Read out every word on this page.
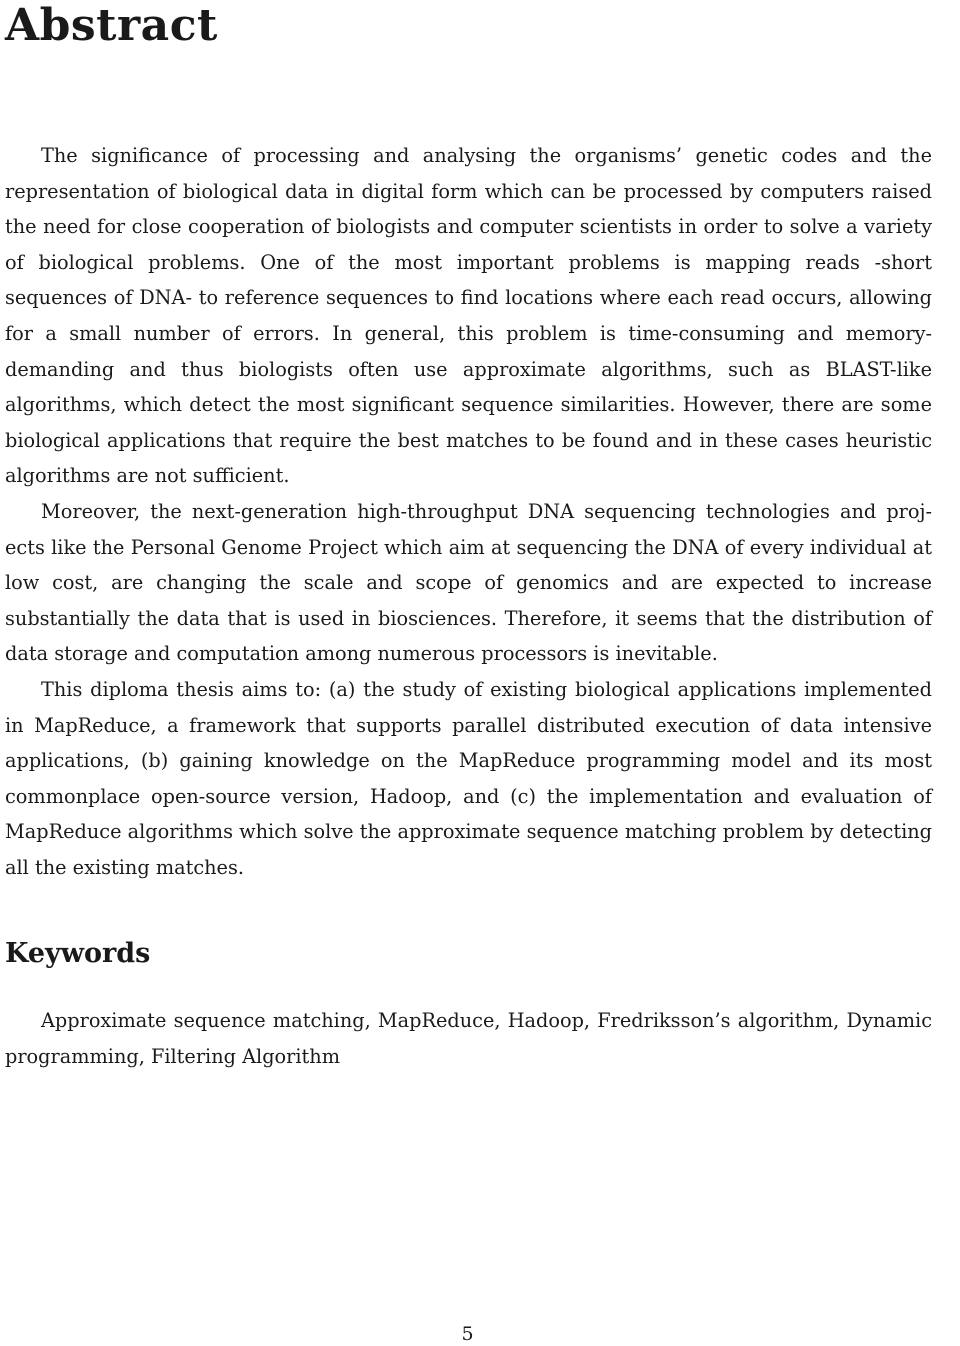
Abstract

The significance of processing and analysing the organisms’ genetic codes and the representation of biological data in digital form which can be processed by computers raised the need for close cooperation of biologists and computer scientists in order to solve a variety of biological problems. One of the most important problems is mapping reads -short sequences of DNA- to reference sequences to find locations where each read occurs, allowing for a small number of errors. In general, this problem is time-consuming and memory-demanding and thus biologists often use approximate algorithms, such as BLAST-like algorithms, which detect the most significant sequence similarities. However, there are some biological applications that require the best matches to be found and in these cases heuristic algorithms are not sufficient.

Moreover, the next-generation high-throughput DNA sequencing technologies and projects like the Personal Genome Project which aim at sequencing the DNA of every individual at low cost, are changing the scale and scope of genomics and are expected to increase substantially the data that is used in biosciences. Therefore, it seems that the distribution of data storage and computation among numerous processors is inevitable.

This diploma thesis aims to: (a) the study of existing biological applications implemented in MapReduce, a framework that supports parallel distributed execution of data intensive applications, (b) gaining knowledge on the MapReduce programming model and its most commonplace open-source version, Hadoop, and (c) the implementation and evaluation of MapReduce algorithms which solve the approximate sequence matching problem by detecting all the existing matches.

Keywords

Approximate sequence matching, MapReduce, Hadoop, Fredriksson’s algorithm, Dynamic programming, Filtering Algorithm

5
